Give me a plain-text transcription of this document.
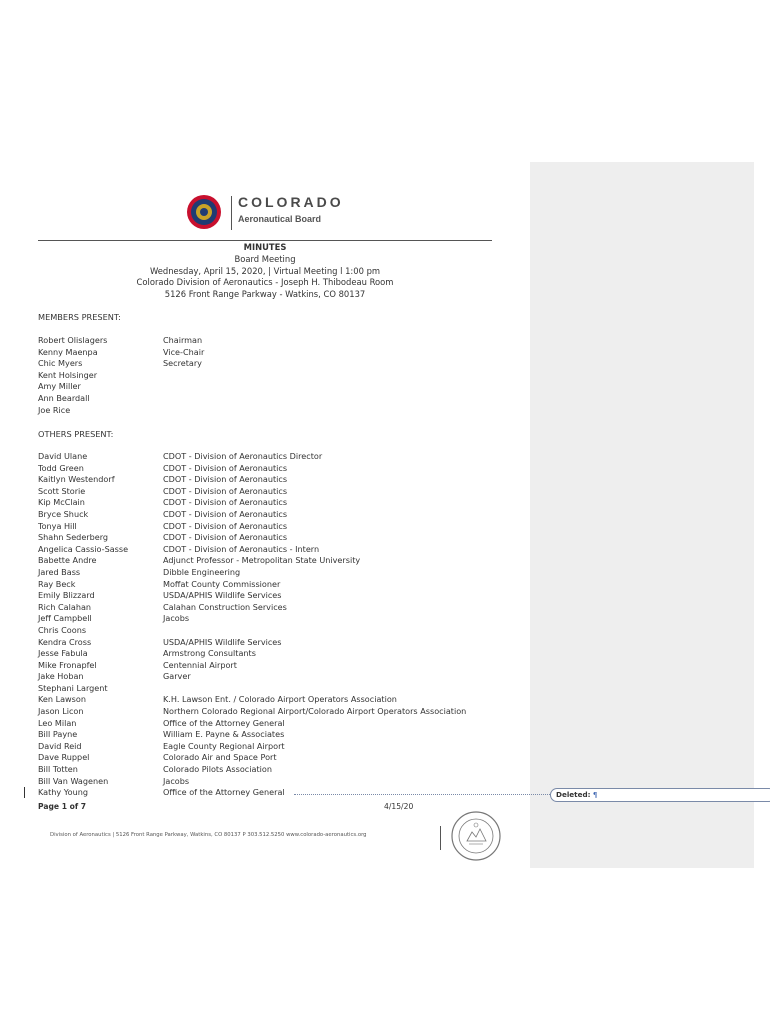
COLORADO
Aeronautical Board
MINUTES
Board Meeting
Wednesday, April 15, 2020, | Virtual Meeting l 1:00 pm
Colorado Division of Aeronautics - Joseph H. Thibodeau Room
5126 Front Range Parkway - Watkins, CO 80137
MEMBERS PRESENT:
Robert Olislagers	Chairman
Kenny Maenpa	Vice-Chair
Chic Myers	Secretary
Kent Holsinger
Amy Miller
Ann Beardall
Joe Rice
OTHERS PRESENT:
David Ulane	CDOT - Division of Aeronautics Director
Todd Green	CDOT - Division of Aeronautics
Kaitlyn Westendorf	CDOT - Division of Aeronautics
Scott Storie	CDOT - Division of Aeronautics
Kip McClain	CDOT - Division of Aeronautics
Bryce Shuck	CDOT - Division of Aeronautics
Tonya Hill	CDOT - Division of Aeronautics
Shahn Sederberg	CDOT - Division of Aeronautics
Angelica Cassio-Sasse	CDOT - Division of Aeronautics - Intern
Babette Andre	Adjunct Professor - Metropolitan State University
Jared Bass	Dibble Engineering
Ray Beck	Moffat County Commissioner
Emily Blizzard	USDA/APHIS Wildlife Services
Rich Calahan	Calahan Construction Services
Jeff Campbell	Jacobs
Chris Coons
Kendra Cross	USDA/APHIS Wildlife Services
Jesse Fabula	Armstrong Consultants
Mike Fronapfel	Centennial Airport
Jake Hoban	Garver
Stephani Largent
Ken Lawson	K.H. Lawson Ent. / Colorado Airport Operators Association
Jason Licon	Northern Colorado Regional Airport/Colorado Airport Operators Association
Leo Milan	Office of the Attorney General
Bill Payne	William E. Payne & Associates
David Reid	Eagle County Regional Airport
Dave Ruppel	Colorado Air and Space Port
Bill Totten	Colorado Pilots Association
Bill Van Wagenen	Jacobs
Kathy Young	Office of the Attorney General
Page 1 of 7	4/15/20
Division of Aeronautics | 5126 Front Range Parkway, Watkins, CO 80137 P 303.512.5250 www.colorado-aeronautics.org
Deleted: ¶
